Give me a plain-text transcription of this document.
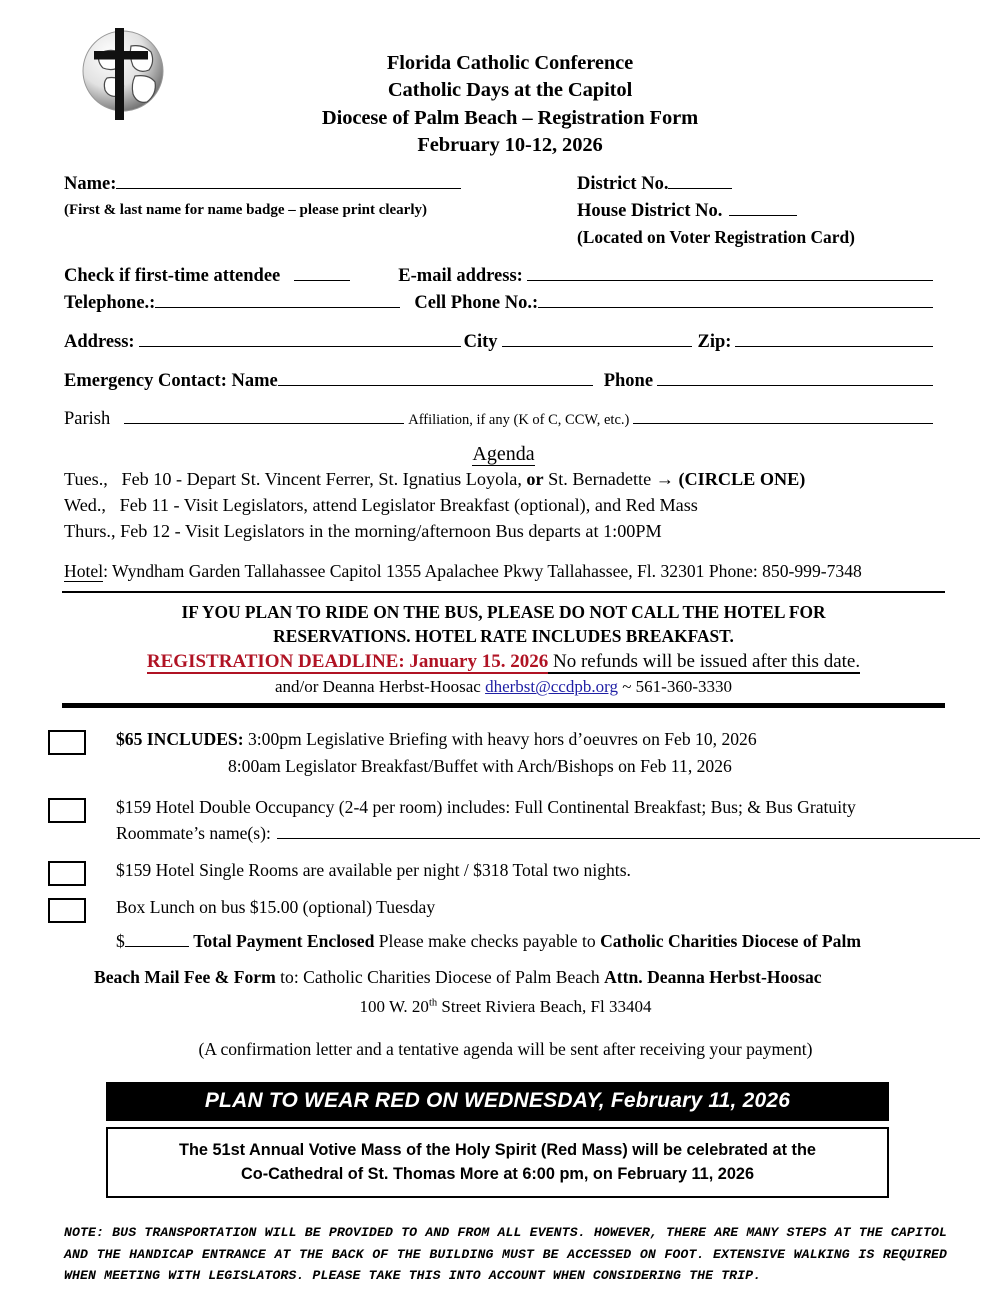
Florida Catholic Conference
Catholic Days at the Capitol
Diocese of Palm Beach – Registration Form
February 10-12, 2026
Name:
(First & last name for name badge – please print clearly)
District No.
House District No.
(Located on Voter Registration Card)
Check if first-time attendee	E-mail address:
Telephone.:	Cell Phone No.:
Address:	City	Zip:
Emergency Contact: Name	Phone
Parish	Affiliation, if any (K of C, CCW, etc.)
Agenda
Tues., Feb 10 - Depart St. Vincent Ferrer, St. Ignatius Loyola, or St. Bernadette → (CIRCLE ONE)
Wed., Feb 11 - Visit Legislators, attend Legislator Breakfast (optional), and Red Mass
Thurs., Feb 12 - Visit Legislators in the morning/afternoon Bus departs at 1:00PM
Hotel: Wyndham Garden Tallahassee Capitol 1355 Apalachee Pkwy Tallahassee, Fl. 32301 Phone: 850-999-7348
IF YOU PLAN TO RIDE ON THE BUS, PLEASE DO NOT CALL THE HOTEL FOR
RESERVATIONS. HOTEL RATE INCLUDES BREAKFAST.
REGISTRATION DEADLINE: January 15. 2026 No refunds will be issued after this date.
and/or Deanna Herbst-Hoosac dherbst@ccdpb.org ~ 561-360-3330
$65 INCLUDES: 3:00pm Legislative Briefing with heavy hors d’oeuvres on Feb 10, 2026
8:00am Legislator Breakfast/Buffet with Arch/Bishops on Feb 11, 2026
$159 Hotel Double Occupancy (2-4 per room) includes: Full Continental Breakfast; Bus; & Bus Gratuity
Roommate’s name(s):
$159 Hotel Single Rooms are available per night / $318 Total two nights.
Box Lunch on bus $15.00 (optional) Tuesday
$	Total Payment Enclosed Please make checks payable to Catholic Charities Diocese of Palm
Beach Mail Fee & Form to: Catholic Charities Diocese of Palm Beach Attn. Deanna Herbst-Hoosac
100 W. 20th Street Riviera Beach, Fl 33404
(A confirmation letter and a tentative agenda will be sent after receiving your payment)
PLAN TO WEAR RED ON WEDNESDAY, February 11, 2026
The 51st Annual Votive Mass of the Holy Spirit (Red Mass) will be celebrated at the
Co-Cathedral of St. Thomas More at 6:00 pm, on February 11, 2026
NOTE: BUS TRANSPORTATION WILL BE PROVIDED TO AND FROM ALL EVENTS. HOWEVER, THERE ARE MANY STEPS AT THE CAPITOL AND THE HANDICAP ENTRANCE AT THE BACK OF THE BUILDING MUST BE ACCESSED ON FOOT. EXTENSIVE WALKING IS REQUIRED WHEN MEETING WITH LEGISLATORS. PLEASE TAKE THIS INTO ACCOUNT WHEN CONSIDERING THE TRIP.
